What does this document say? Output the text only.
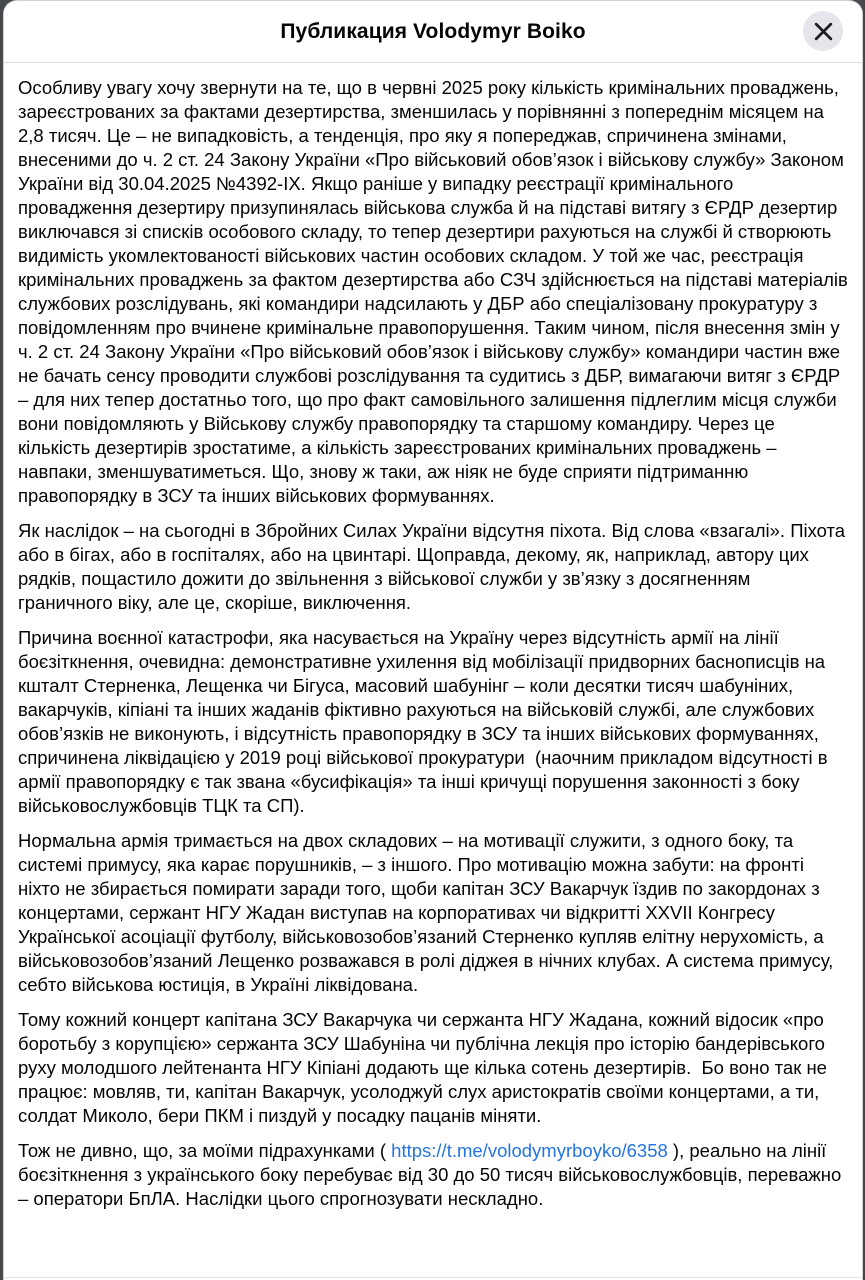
Публикация Volodymyr Boiko

Особливу увагу хочу звернути на те, що в червні 2025 року кількість кримінальних проваджень, зареєстрованих за фактами дезертирства, зменшилась у порівнянні з попереднім місяцем на 2,8 тисяч. Це – не випадковість, а тенденція, про яку я попереджав, спричинена змінами, внесеними до ч. 2 ст. 24 Закону України «Про військовий обов’язок і військову службу» Законом України від 30.04.2025 №4392-IX. Якщо раніше у випадку реєстрації кримінального провадження дезертиру призупинялась військова служба й на підставі витягу з ЄРДР дезертир виключався зі списків особового складу, то тепер дезертири рахуються на службі й створюють видимість укомлектованості військових частин особових складом. У той же час, реєстрація кримінальних проваджень за фактом дезертирства або СЗЧ здійснюється на підставі матеріалів службових розслідувань, які командири надсилають у ДБР або спеціалізовану прокуратуру з повідомленням про вчинене кримінальне правопорушення. Таким чином, після внесення змін у ч. 2 ст. 24 Закону України «Про військовий обов’язок і військову службу» командири частин вже не бачать сенсу проводити службові розслідування та судитись з ДБР, вимагаючи витяг з ЄРДР – для них тепер достатньо того, що про факт самовільного залишення підлеглим місця служби вони повідомляють у Військову службу правопорядку та старшому командиру. Через це кількість дезертирів зростатиме, а кількість зареєстрованих кримінальних проваджень – навпаки, зменшуватиметься. Що, знову ж таки, аж ніяк не буде сприяти підтриманню правопорядку в ЗСУ та інших військових формуваннях.

Як наслідок – на сьогодні в Збройних Силах України відсутня піхота. Від слова «взагалі». Піхота або в бігах, або в госпіталях, або на цвинтарі. Щоправда, декому, як, наприклад, автору цих рядків, пощастило дожити до звільнення з військової служби у зв’язку з досягненням граничного віку, але це, скоріше, виключення.

Причина воєнної катастрофи, яка насувається на Україну через відсутність армії на лінії боєзіткнення, очевидна: демонстративне ухилення від мобілізації придворних баснописців на кшталт Стерненка, Лещенка чи Бігуса, масовий шабунінг – коли десятки тисяч шабуніних, вакарчуків, кіпіані та інших жаданів фіктивно рахуються на військовій службі, але службових обов’язків не виконують, і відсутність правопорядку в ЗСУ та інших військових формуваннях, спричинена ліквідацією у 2019 році військової прокуратури  (наочним прикладом відсутності в армії правопорядку є так звана «бусифікація» та інші кричущі порушення законності з боку військовослужбовців ТЦК та СП).

Нормальна армія тримається на двох складових – на мотивації служити, з одного боку, та системі примусу, яка карає порушників, – з іншого. Про мотивацію можна забути: на фронті ніхто не збирається помирати заради того, щоби капітан ЗСУ Вакарчук їздив по закордонах з концертами, сержант НГУ Жадан виступав на корпоративах чи відкритті XXVII Конгресу Української асоціації футболу, військовозобов’язаний Стерненко купляв елітну нерухомість, а військовозобов’язаний Лещенко розважався в ролі діджея в нічних клубах. А система примусу, себто військова юстиція, в Україні ліквідована.

Тому кожний концерт капітана ЗСУ Вакарчука чи сержанта НГУ Жадана, кожний відосик «про боротьбу з корупцією» сержанта ЗСУ Шабуніна чи публічна лекція про історію бандерівського руху молодшого лейтенанта НГУ Кіпіані додають ще кілька сотень дезертирів.  Бо воно так не працює: мовляв, ти, капітан Вакарчук, усолоджуй слух аристократів своїми концертами, а ти, солдат Миколо, бери ПКМ і пиздуй у посадку пацанів міняти.

Тож не дивно, що, за моїми підрахунками ( https://t.me/volodymyrboyko/6358 ), реально на лінії боєзіткнення з українського боку перебуває від 30 до 50 тисяч військовослужбовців, переважно – оператори БпЛА. Наслідки цього спрогнозувати нескладно.
